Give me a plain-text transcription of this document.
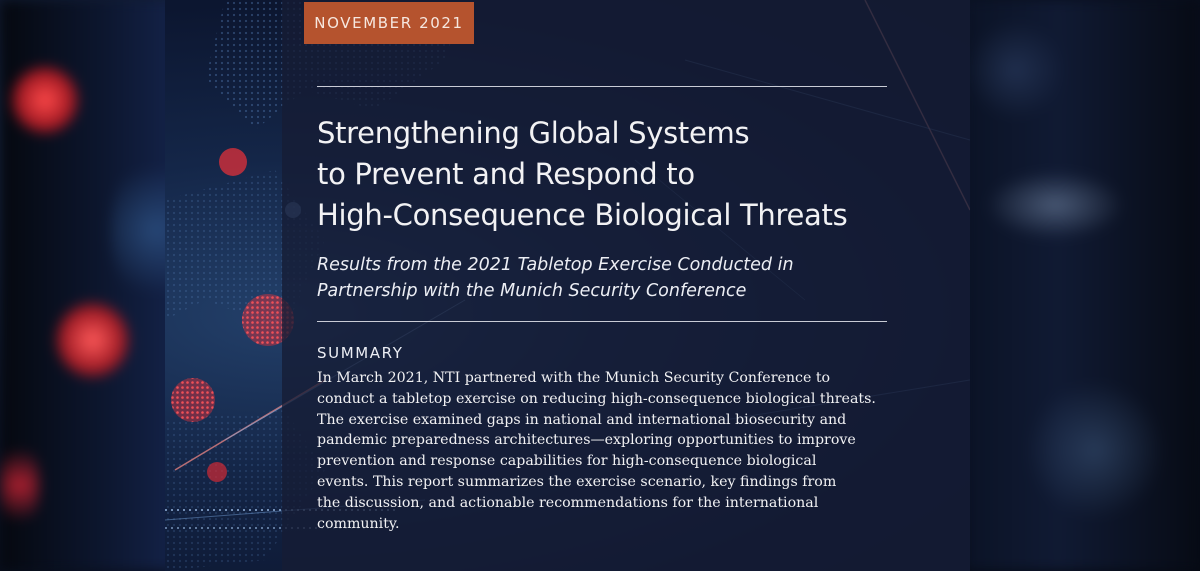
NOVEMBER 2021
Strengthening Global Systems
to Prevent and Respond to
High-Consequence Biological Threats

Results from the 2021 Tabletop Exercise Conducted in
Partnership with the Munich Security Conference

SUMMARY

In March 2021, NTI partnered with the Munich Security Conference to
conduct a tabletop exercise on reducing high-consequence biological threats.
The exercise examined gaps in national and international biosecurity and
pandemic preparedness architectures—exploring opportunities to improve
prevention and response capabilities for high-consequence biological
events. This report summarizes the exercise scenario, key findings from
the discussion, and actionable recommendations for the international
community.
